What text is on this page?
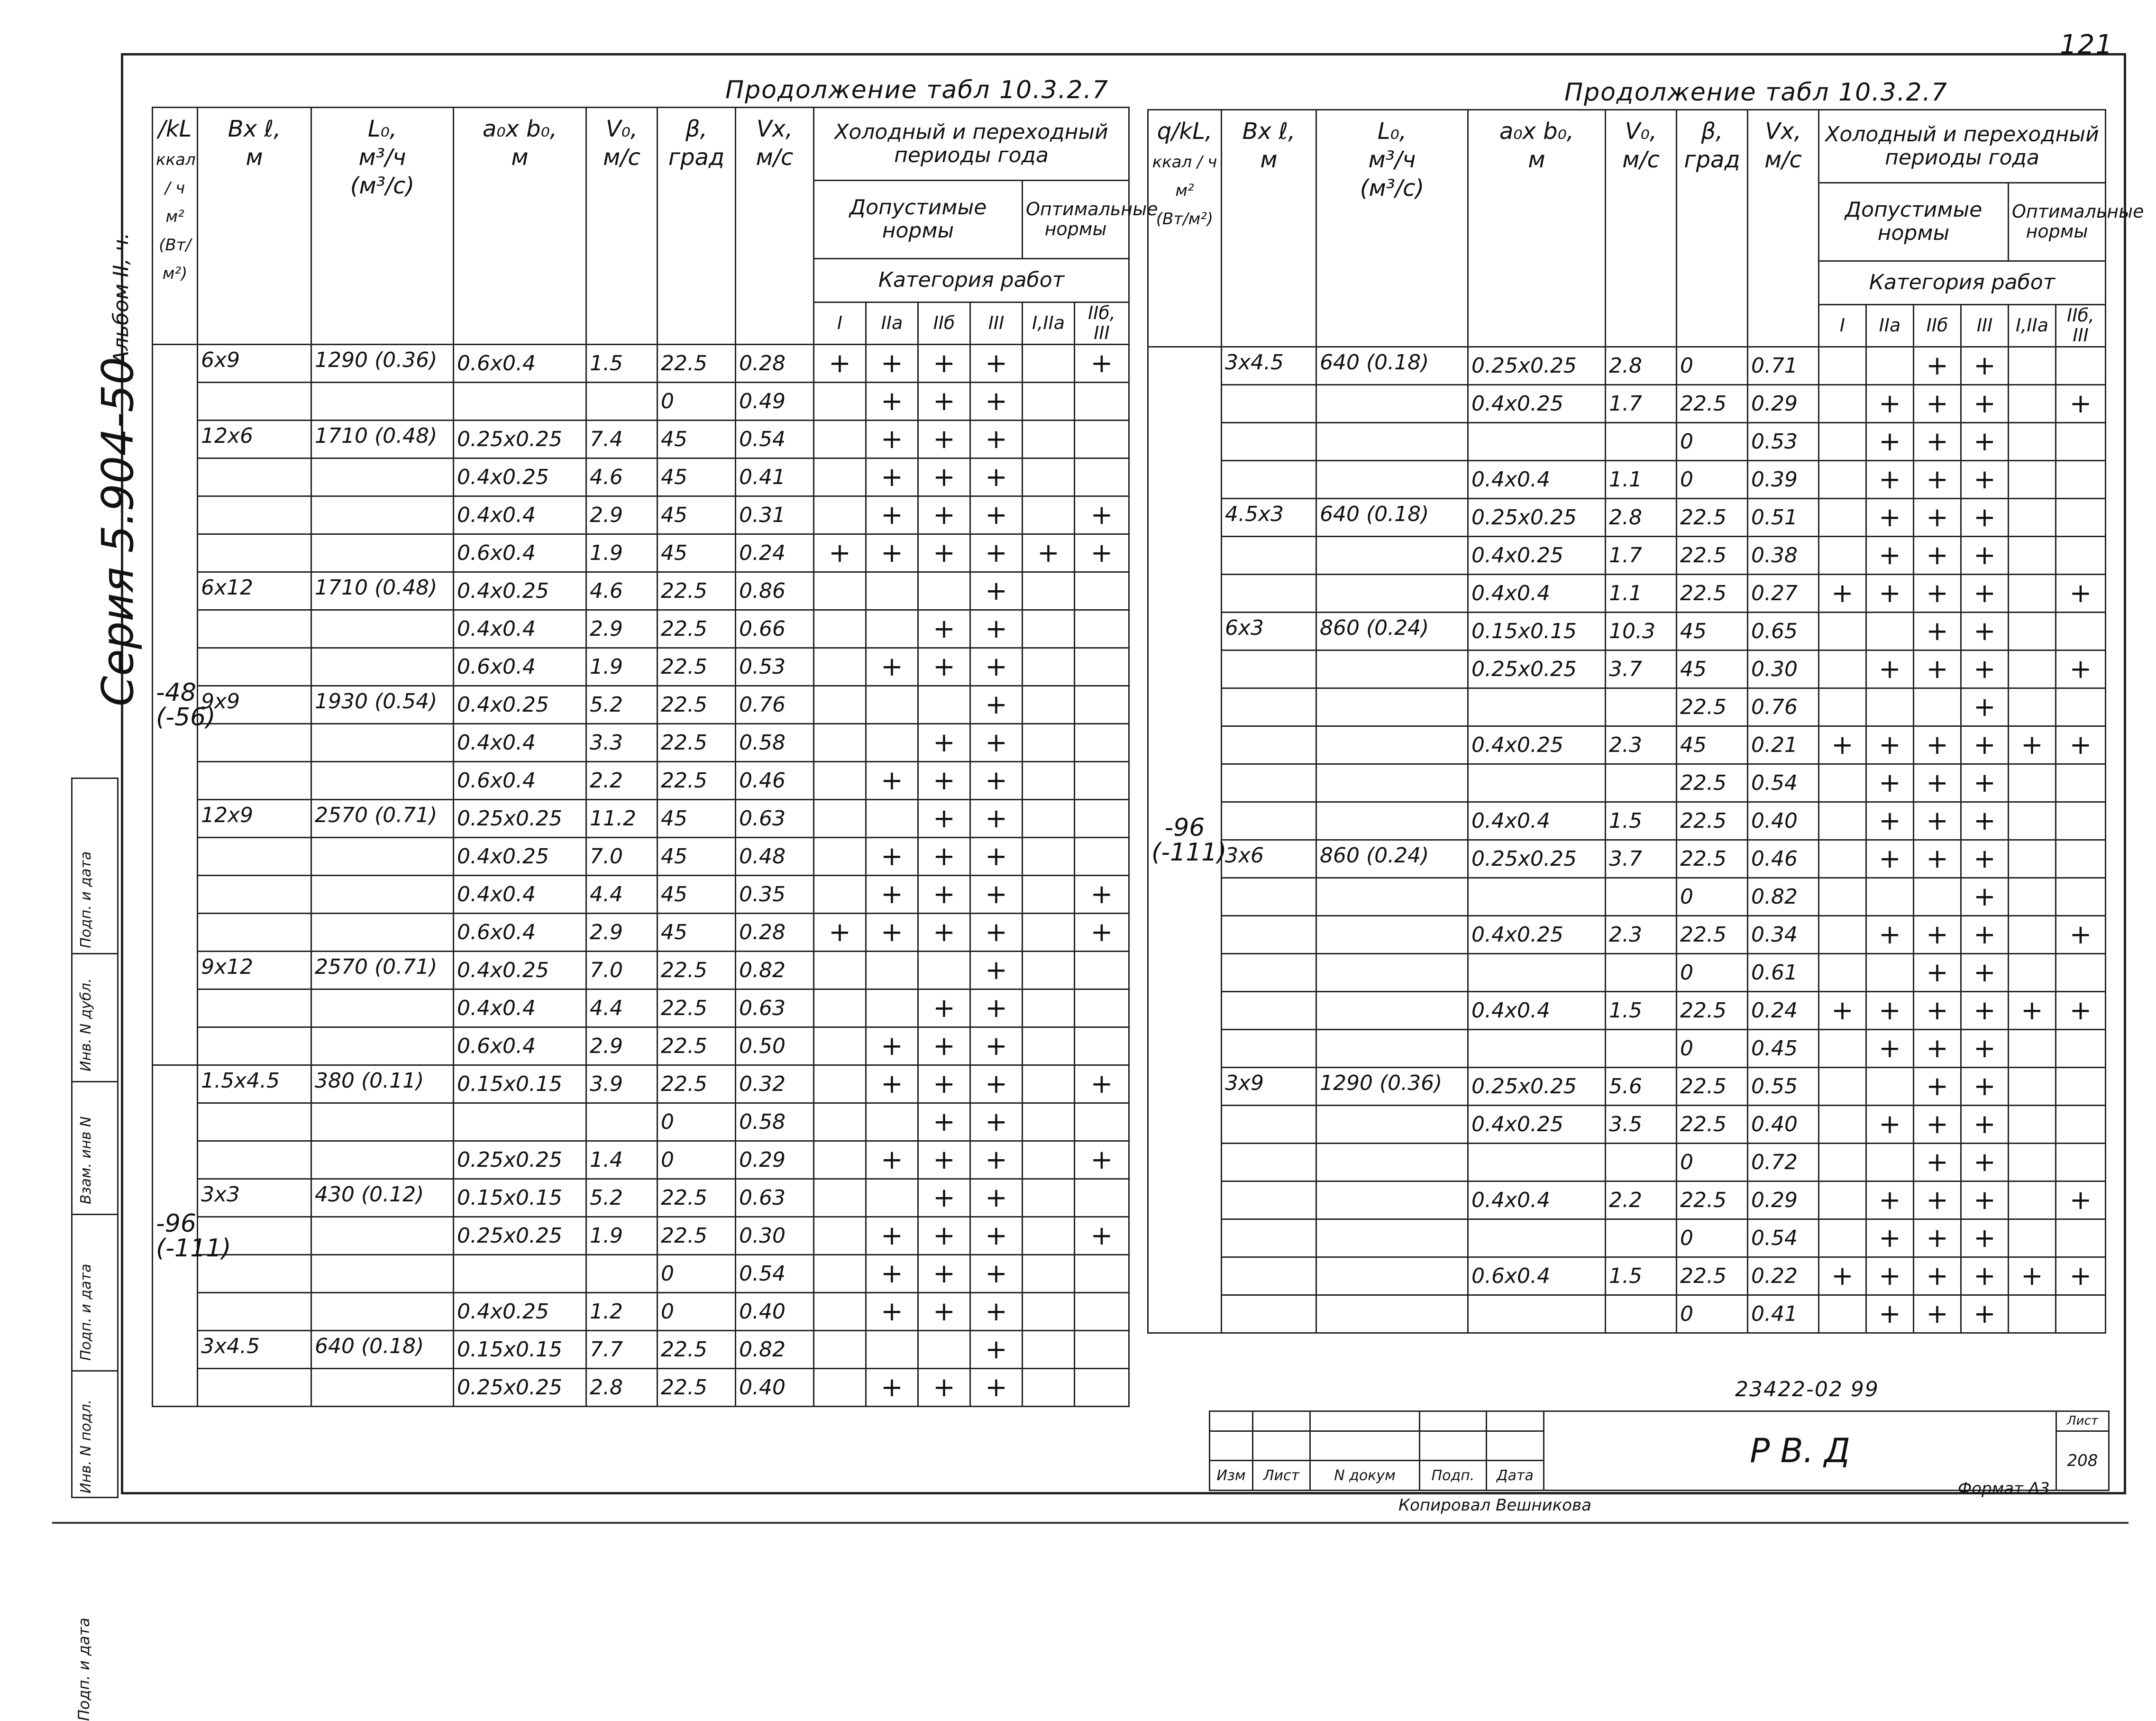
121
Серия 5.904-50
Альбом II, ч.
Подп. и дата
Подп. и дата
Инв. N дубл.
Взам. инв N
Подп. и дата
Инв. N подл.
Продолжение табл 10.3.2.7
/kL
ккал / ч м²
(Вт/м²)	Bх ℓ,
м	L₀,
м³/ч
(м³/с)	a₀х b₀,
м	V₀,
м/с	β,
град	Vх,
м/с	Холодный и переходный периоды года					
							Допустимые нормы				Оптимальные нормы	
							Категория работ					
							I	IIа	IIб	III	I,IIа	IIб, III

-48
(-56)	6х9	1290 (0.36)	0.6х0.4	1.5	22.5	0.28	+	+	+	+		+
					0	0.49		+	+	+		
	12х6	1710 (0.48)	0.25х0.25	7.4	45	0.54		+	+	+		
			0.4х0.25	4.6	45	0.41		+	+	+		
			0.4х0.4	2.9	45	0.31		+	+	+		+
			0.6х0.4	1.9	45	0.24	+	+	+	+	+	+
	6х12	1710 (0.48)	0.4х0.25	4.6	22.5	0.86				+		
			0.4х0.4	2.9	22.5	0.66			+	+		
			0.6х0.4	1.9	22.5	0.53		+	+	+		
	9х9	1930 (0.54)	0.4х0.25	5.2	22.5	0.76				+		
			0.4х0.4	3.3	22.5	0.58			+	+		
			0.6х0.4	2.2	22.5	0.46		+	+	+		
	12х9	2570 (0.71)	0.25х0.25	11.2	45	0.63			+	+		
			0.4х0.25	7.0	45	0.48		+	+	+		
			0.4х0.4	4.4	45	0.35		+	+	+		+
			0.6х0.4	2.9	45	0.28	+	+	+	+		+
	9х12	2570 (0.71)	0.4х0.25	7.0	22.5	0.82				+		
			0.4х0.4	4.4	22.5	0.63			+	+		
			0.6х0.4	2.9	22.5	0.50		+	+	+		

-96
(-111)	1.5х4.5	380 (0.11)	0.15х0.15	3.9	22.5	0.32		+	+	+		+
					0	0.58			+	+		
			0.25х0.25	1.4	0	0.29		+	+	+		+
	3х3	430 (0.12)	0.15х0.15	5.2	22.5	0.63			+	+		
			0.25х0.25	1.9	22.5	0.30		+	+	+		+
					0	0.54		+	+	+		
			0.4х0.25	1.2	0	0.40		+	+	+		
	3х4.5	640 (0.18)	0.15х0.15	7.7	22.5	0.82				+		
			0.25х0.25	2.8	22.5	0.40		+	+	+		
Продолжение табл 10.3.2.7
q/kL,
ккал / ч м²
(Вт/м²)	Bх ℓ,
м	L₀,
м³/ч
(м³/с)	a₀х b₀,
м	V₀,
м/с	β,
град	Vх,
м/с	Холодный и переходный периоды года					
							Допустимые нормы				Оптимальные нормы	
							Категория работ					
							I	IIа	IIб	III	I,IIа	IIб, III

-96
(-111)	3х4.5	640 (0.18)	0.25х0.25	2.8	0	0.71			+	+		
			0.4х0.25	1.7	22.5	0.29		+	+	+		+
					0	0.53		+	+	+		
			0.4х0.4	1.1	0	0.39		+	+	+		
	4.5х3	640 (0.18)	0.25х0.25	2.8	22.5	0.51		+	+	+		
			0.4х0.25	1.7	22.5	0.38		+	+	+		
			0.4х0.4	1.1	22.5	0.27	+	+	+	+		+
	6х3	860 (0.24)	0.15х0.15	10.3	45	0.65			+	+		
			0.25х0.25	3.7	45	0.30		+	+	+		+
					22.5	0.76				+		
			0.4х0.25	2.3	45	0.21	+	+	+	+	+	+
					22.5	0.54		+	+	+		
			0.4х0.4	1.5	22.5	0.40		+	+	+		
	3х6	860 (0.24)	0.25х0.25	3.7	22.5	0.46		+	+	+		
					0	0.82				+		
			0.4х0.25	2.3	22.5	0.34		+	+	+		+
					0	0.61			+	+		
			0.4х0.4	1.5	22.5	0.24	+	+	+	+	+	+
					0	0.45		+	+	+		
	3х9	1290 (0.36)	0.25х0.25	5.6	22.5	0.55			+	+		
			0.4х0.25	3.5	22.5	0.40		+	+	+		
					0	0.72			+	+		
			0.4х0.4	2.2	22.5	0.29		+	+	+		+
					0	0.54		+	+	+		
			0.6х0.4	1.5	22.5	0.22	+	+	+	+	+	+
					0	0.41		+	+	+		
23422-02 99
					Р В. Д	Лист
						208
Изм	Лист	N докум	Подп.	Дата		
Копировал Вешникова
Формат А3
